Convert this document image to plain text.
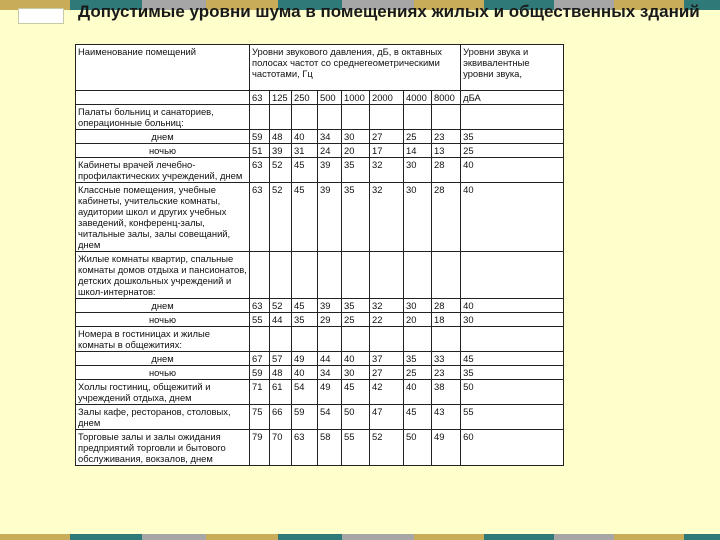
Допустимые уровни шума в помещениях жилых и общественных зданий
Наименование помещений	Уровни звукового давления, дБ, в октавных полосах частот со среднегеометрическими частотами, Гц								Уровни звука и эквивалентные уровни звука,
	63	125	250	500	1000	2000	4000	8000	дБА
Палаты больниц и санаториев, операционные больниц:									
днем	59	48	40	34	30	27	25	23	35
ночью	51	39	31	24	20	17	14	13	25
Кабинеты врачей лечебно-профилактических учреждений, днем	63	52	45	39	35	32	30	28	40
Классные помещения, учебные кабинеты, учительские комнаты, аудитории школ и других учебных заведений, конференц-залы, читальные залы, залы совещаний, днем	63	52	45	39	35	32	30	28	40
Жилые комнаты квартир, спальные комнаты домов отдыха и пансионатов, детских дошкольных учреждений и школ-интернатов:									
днем	63	52	45	39	35	32	30	28	40
ночью	55	44	35	29	25	22	20	18	30
Номера в гостиницах и жилые комнаты в общежитиях:									
днем	67	57	49	44	40	37	35	33	45
ночью	59	48	40	34	30	27	25	23	35
Холлы гостиниц, общежитий и учреждений отдыха, днем	71	61	54	49	45	42	40	38	50
Залы кафе, ресторанов, столовых, днем	75	66	59	54	50	47	45	43	55
Торговые залы и залы ожидания предприятий торговли и бытового обслуживания, вокзалов, днем	79	70	63	58	55	52	50	49	60
